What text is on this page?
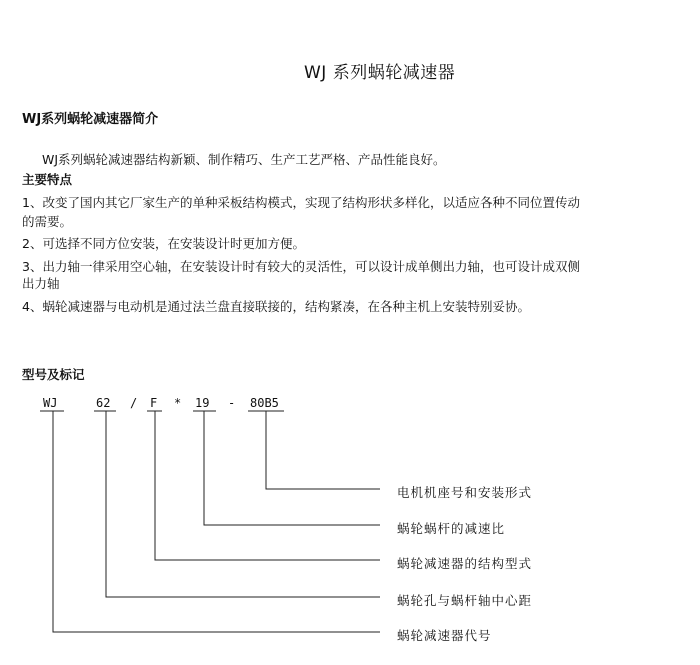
WJ 系列蜗轮减速器
WJ系列蜗轮减速器简介
WJ系列蜗轮减速器结构新颖、制作精巧、生产工艺严格、产品性能良好。
主要特点
1、改变了国内其它厂家生产的单种采板结构模式，实现了结构形状多样化，以适应各种不同位置传动
的需要。
2、可选择不同方位安装，在安装设计时更加方便。
3、出力轴一律采用空心轴，在安装设计时有较大的灵活性，可以设计成单侧出力轴，也可设计成双侧
出力轴
4、蜗轮减速器与电动机是通过法兰盘直接联接的，结构紧凑，在各种主机上安装特别妥协。
型号及标记
WJ	62 / F * 19 - 80B5
电机机座号和安装形式
蜗轮蜗杆的减速比
蜗轮减速器的结构型式
蜗轮孔与蜗杆轴中心距
蜗轮减速器代号
